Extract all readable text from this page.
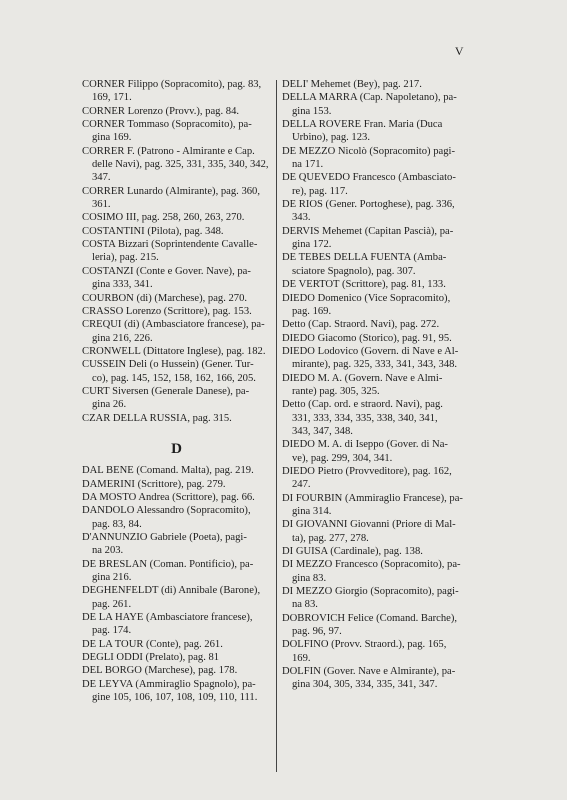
V
CORNER Filippo (Sopracomito), pag. 83,
169, 171.
CORNER Lorenzo (Provv.), pag. 84.
CORNER Tommaso (Sopracomito), pa-
gina 169.
CORRER F. (Patrono - Almirante e Cap.
delle Navi), pag. 325, 331, 335, 340, 342,
347.
CORRER Lunardo (Almirante), pag. 360,
361.
COSIMO III, pag. 258, 260, 263, 270.
COSTANTINI (Pilota), pag. 348.
COSTA Bizzari (Soprintendente Cavalle-
leria), pag. 215.
COSTANZI (Conte e Gover. Nave), pa-
gina 333, 341.
COURBON (di) (Marchese), pag. 270.
CRASSO Lorenzo (Scrittore), pag. 153.
CREQUI (di) (Ambasciatore francese), pa-
gina 216, 226.
CRONWELL (Dittatore Inglese), pag. 182.
CUSSEIN Deli (o Hussein) (Gener. Tur-
co), pag. 145, 152, 158, 162, 166, 205.
CURT Siversen (Generale Danese), pa-
gina 26.
CZAR DELLA RUSSIA, pag. 315.
D
DAL BENE (Comand. Malta), pag. 219.
DAMERINI (Scrittore), pag. 279.
DA MOSTO Andrea (Scrittore), pag. 66.
DANDOLO Alessandro (Sopracomito),
pag. 83, 84.
D'ANNUNZIO Gabriele (Poeta), pagi-
na 203.
DE BRESLAN (Coman. Pontificio), pa-
gina 216.
DEGHENFELDT (di) Annibale (Barone),
pag. 261.
DE LA HAYE (Ambasciatore francese),
pag. 174.
DE LA TOUR (Conte), pag. 261.
DEGLI ODDI (Prelato), pag. 81
DEL BORGO (Marchese), pag. 178.
DE LEYVA (Ammiraglio Spagnolo), pa-
gine 105, 106, 107, 108, 109, 110, 111.
DELI' Mehemet (Bey), pag. 217.
DELLA MARRA (Cap. Napoletano), pa-
gina 153.
DELLA ROVERE Fran. Maria (Duca
Urbino), pag. 123.
DE MEZZO Nicolò (Sopracomito) pagi-
na 171.
DE QUEVEDO Francesco (Ambasciato-
re), pag. 117.
DE RIOS (Gener. Portoghese), pag. 336,
343.
DERVIS Mehemet (Capitan Pascià), pa-
gina 172.
DE TEBES DELLA FUENTA (Amba-
sciatore Spagnolo), pag. 307.
DE VERTOT (Scrittore), pag. 81, 133.
DIEDO Domenico (Vice Sopracomito),
pag. 169.
Detto (Cap. Straord. Navi), pag. 272.
DIEDO Giacomo (Storico), pag. 91, 95.
DIEDO Lodovico (Govern. di Nave e Al-
mirante), pag. 325, 333, 341, 343, 348.
DIEDO M. A. (Govern. Nave e Almi-
rante) pag. 305, 325.
Detto (Cap. ord. e straord. Navi), pag.
331, 333, 334, 335, 338, 340, 341,
343, 347, 348.
DIEDO M. A. di Iseppo (Gover. di Na-
ve), pag. 299, 304, 341.
DIEDO Pietro (Provveditore), pag. 162,
247.
DI FOURBIN (Ammiraglio Francese), pa-
gina 314.
DI GIOVANNI Giovanni (Priore di Mal-
ta), pag. 277, 278.
DI GUISA (Cardinale), pag. 138.
DI MEZZO Francesco (Sopracomito), pa-
gina 83.
DI MEZZO Giorgio (Sopracomito), pagi-
na 83.
DOBROVICH Felice (Comand. Barche),
pag. 96, 97.
DOLFINO (Provv. Straord.), pag. 165,
169.
DOLFIN (Gover. Nave e Almirante), pa-
gina 304, 305, 334, 335, 341, 347.
